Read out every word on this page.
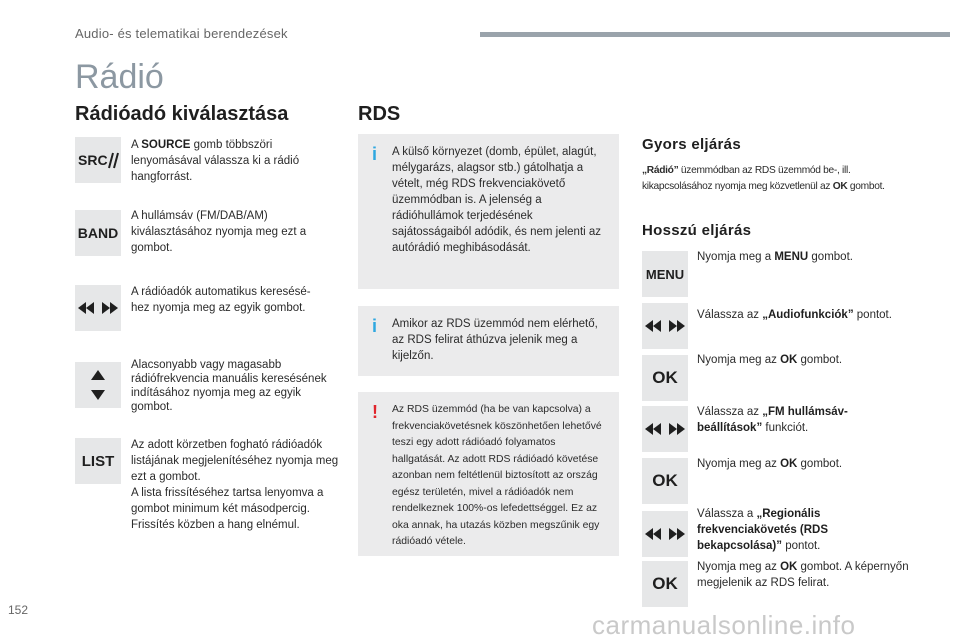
Audio- és telematikai berendezések
Rádió
Rádióadó kiválasztása
SRC
A SOURCE gomb többszöri lenyomásával válassza ki a rádió hangforrást.
BAND
A hullámsáv (FM/DAB/AM) kiválasztásához nyomja meg ezt a gombot.
A rádióadók automatikus kereséséhez nyomja meg az egyik gombot.
Alacsonyabb vagy magasabb rádiófrekvencia manuális keresésének indításához nyomja meg az egyik gombot.
LIST
Az adott körzetben fogható rádióadók listájának megjelenítéséhez nyomja meg ezt a gombot.
A lista frissítéséhez tartsa lenyomva a gombot minimum két másodpercig. Frissítés közben a hang elnémul.
RDS
i A külső környezet (domb, épület, alagút, mélygarázs, alagsor stb.) gátolhatja a vételt, még RDS frekvenciakövető üzemmódban is. A jelenség a rádióhullámok terjedésének sajátosságaiból adódik, és nem jelenti az autórádió meghibásodását.
i Amikor az RDS üzemmód nem elérhető, az RDS felirat áthúzva jelenik meg a kijelzőn.
! Az RDS üzemmód (ha be van kapcsolva) a frekvenciakövetésnek köszönhetően lehetővé teszi egy adott rádióadó folyamatos hallgatását. Az adott RDS rádióadó követése azonban nem feltétlenül biztosított az ország egész területén, mivel a rádióadók nem rendelkeznek 100%-os lefedettséggel. Ez az oka annak, ha utazás közben megszűnik egy rádióadó vétele.
Gyors eljárás
„Rádió” üzemmódban az RDS üzemmód be-, ill. kikapcsolásához nyomja meg közvetlenül az OK gombot.
Hosszú eljárás
MENU
Nyomja meg a MENU gombot.
Válassza az „Audiofunkciók” pontot.
OK
Nyomja meg az OK gombot.
Válassza az „FM hullámsáv-beállítások” funkciót.
OK
Nyomja meg az OK gombot.
Válassza a „Regionális frekvenciakövetés (RDS bekapcsolása)” pontot.
OK
Nyomja meg az OK gombot. A képernyőn megjelenik az RDS felirat.
152	carmanualsonline.info
